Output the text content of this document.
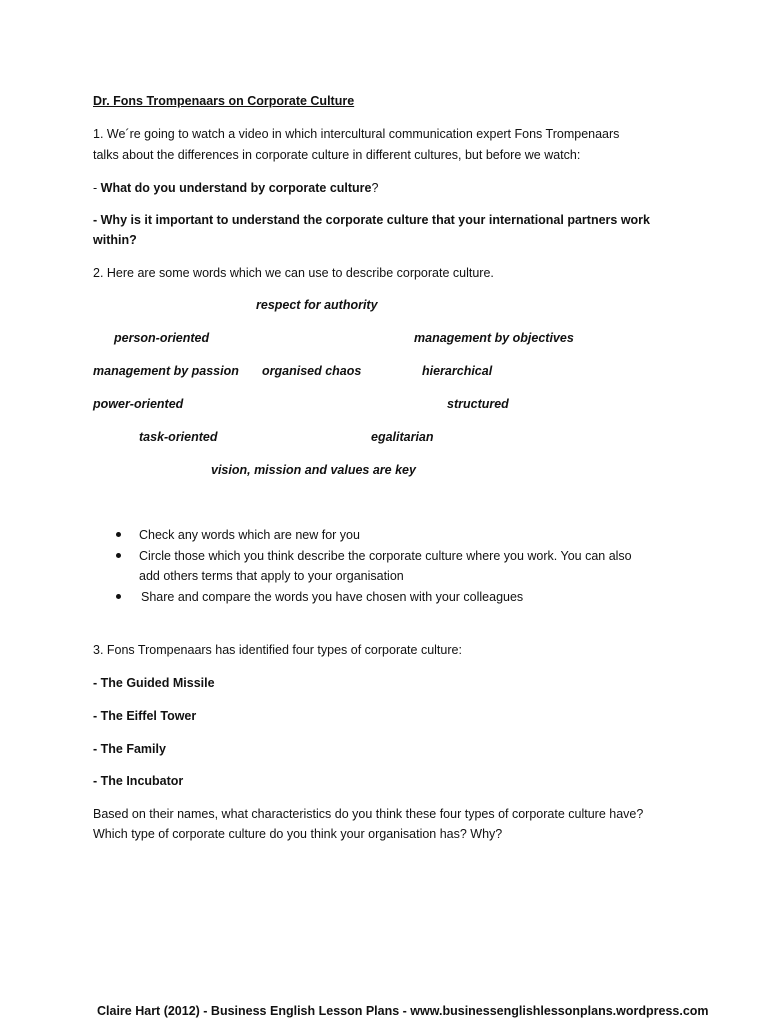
Dr. Fons Trompenaars on Corporate Culture
1. We´re going to watch a video in which intercultural communication expert Fons Trompenaars
talks about the differences in corporate culture in different cultures, but before we watch:
- What do you understand by corporate culture?
- Why is it important to understand the corporate culture that your international partners work
within?
2. Here are some words which we can use to describe corporate culture.
respect for authority
person-oriented	management by objectives
management by passion organised chaos	hierarchical
power-oriented	structured
task-oriented	egalitarian
vision, mission and values are key
Check any words which are new for you
Circle those which you think describe the corporate culture where you work. You can also
add others terms that apply to your organisation
Share and compare the words you have chosen with your colleagues
3. Fons Trompenaars has identified four types of corporate culture:
- The Guided Missile
- The Eiffel Tower
- The Family
- The Incubator
Based on their names, what characteristics do you think these four types of corporate culture have?
Which type of corporate culture do you think your organisation has? Why?
Claire Hart (2012) - Business English Lesson Plans - www.businessenglishlessonplans.wordpress.com
